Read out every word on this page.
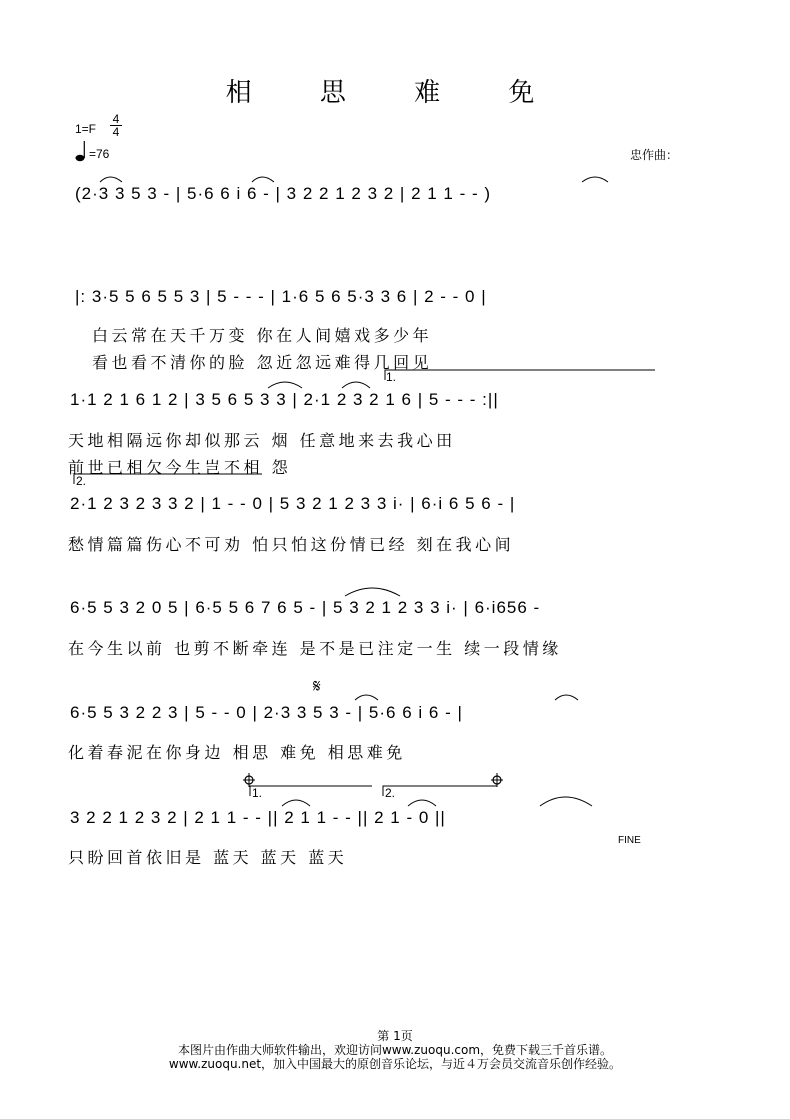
相 思 难 免
1=F
4
4
=76	忠作曲：
(2·3 3 5 3 - | 5·6 6 i 6 - | 3 2 2 1 2 3 2 | 2 1 1 - - )
|: 3·5 5 6 5 5 3 | 5 - - - | 1·6 5 6 5·3 3 6 | 2 - - 0 |
白云常在天千万变 你在人间嬉戏多少年
看也看不清你的脸 忽近忽远难得几回见
1·1 2 1 6 1 2 | 3 5 6 5 3 3 | 2·1 2 3 2 1 6 | 5 - - - :||
天地相隔远你却似那云 烟 任意地来去我心田
前世已相欠今生岂不相 怨
2·1 2 3 2 3 3 2 | 1 - - 0 | 5 3 2 1 2 3 3 i· | 6·i 6 5 6 - |
愁情篇篇伤心不可劝 怕只怕这份情已经 刻在我心间
6·5 5 3 2 0 5 | 6·5 5 6 7 6 5 - | 5 3 2 1 2 3 3 i· | 6·i656 -
在今生以前 也剪不断牵连 是不是已注定一生 续一段情缘
6·5 5 3 2 2 3 | 5 - - 0 | 2·3 3 5 3 - | 5·6 6 i 6 - |
化着春泥在你身边 相思 难免 相思难免
3 2 2 1 2 3 2 | 2 1 1 - - || 2 1 1 - - || 2 1 - 0 ||
只盼回首依旧是 蓝天 蓝天 蓝天
1.
2.
1.	2.
FINE
𝄋
第 1页
本图片由作曲大师软件输出，欢迎访问www.zuoqu.com，免费下载三千首乐谱。
www.zuoqu.net，加入中国最大的原创音乐论坛，与近４万会员交流音乐创作经验。
